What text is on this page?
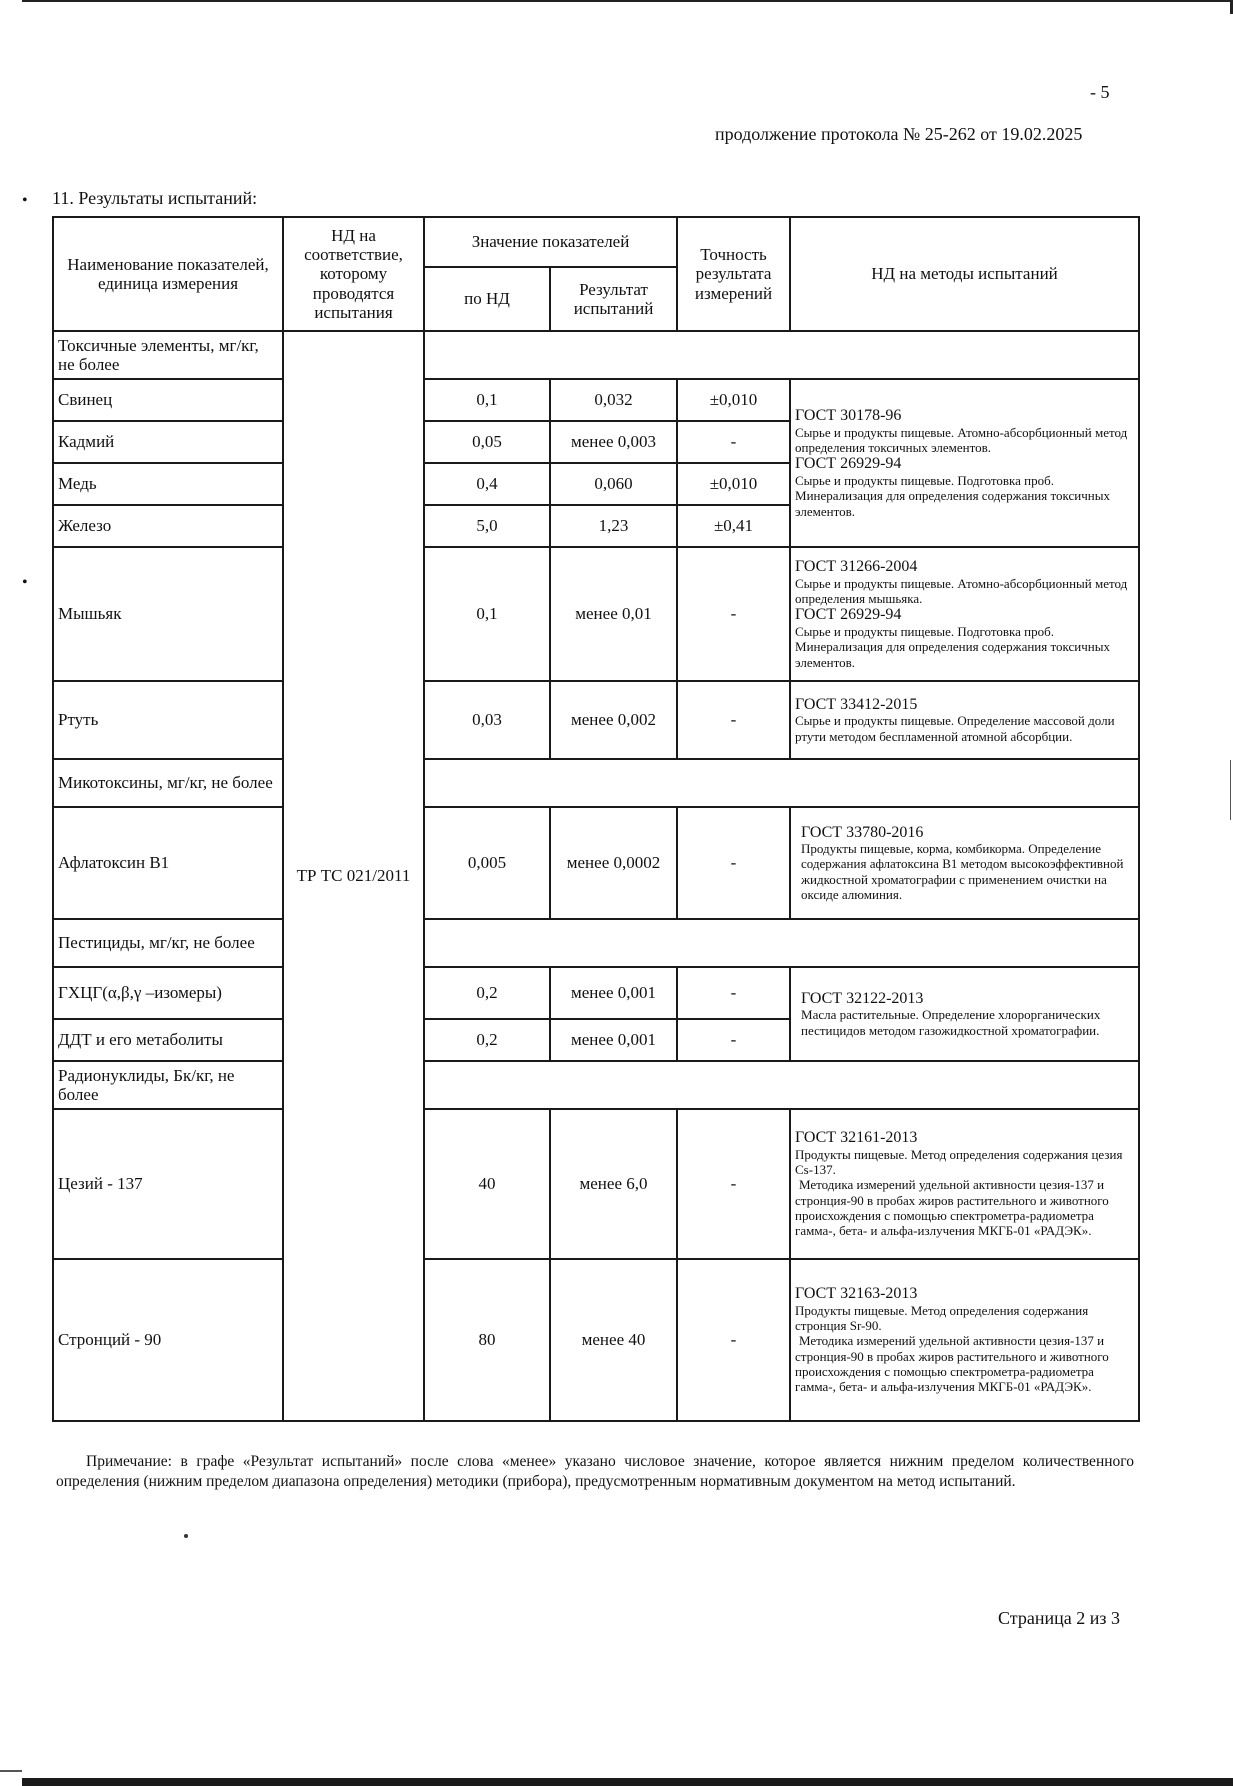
- 5
продолжение протокола № 25-262 от 19.02.2025
•
•
11. Результаты испытаний:
Наименование показателей, единица измерения	НД на соответствие, которому проводятся испытания	Значение показателей		Точность результата измерений	НД на методы испытаний
		по НД	Результат испытаний		
Токсичные элементы, мг/кг, не более	ТР ТС 021/2011				
Свинец		0,1	0,032	±0,010	ГОСТ 30178-96
Сырье и продукты пищевые. Атомно-абсорбционный метод определения токсичных элементов.
ГОСТ 26929-94
Сырье и продукты пищевые. Подготовка проб. Минерализация для определения содержания токсичных элементов.

Кадмий		0,05	менее 0,003	-	
Медь		0,4	0,060	±0,010	
Железо		5,0	1,23	±0,41	
Мышьяк		0,1	менее 0,01	-	ГОСТ 31266-2004
Сырье и продукты пищевые. Атомно-абсорбционный метод определения мышьяка.
ГОСТ 26929-94
Сырье и продукты пищевые. Подготовка проб. Минерализация для определения содержания токсичных элементов.

Ртуть		0,03	менее 0,002	-	ГОСТ 33412-2015
Сырье и продукты пищевые. Определение массовой доли ртути методом беспламенной атомной абсорбции.

Микотоксины, мг/кг, не более					
Афлатоксин В1		0,005	менее 0,0002	-	ГОСТ 33780-2016
Продукты пищевые, корма, комбикорма. Определение содержания афлатоксина В1 методом высокоэффективной жидкостной хроматографии с применением очистки на оксиде алюминия.

Пестициды, мг/кг, не более					
ГХЦГ(α,β,γ –изомеры)		0,2	менее 0,001	-	ГОСТ 32122-2013
Масла растительные. Определение хлорорганических пестицидов методом газожидкостной хроматографии.

ДДТ и его метаболиты		0,2	менее 0,001	-	
Радионуклиды, Бк/кг, не более					
Цезий - 137		40	менее 6,0	-	ГОСТ 32161-2013
Продукты пищевые. Метод определения содержания цезия Cs-137.
Методика измерений удельной активности цезия-137 и стронция-90 в пробах жиров растительного и животного происхождения с помощью спектрометра-радиометра гамма-, бета- и альфа-излучения МКГБ-01 «РАДЭК».

Стронций - 90		80	менее 40	-	ГОСТ 32163-2013
Продукты пищевые. Метод определения содержания стронция Sr-90.
Методика измерений удельной активности цезия-137 и стронция-90 в пробах жиров растительного и животного происхождения с помощью спектрометра-радиометра гамма-, бета- и альфа-излучения МКГБ-01 «РАДЭК».
Примечание: в графе «Результат испытаний» после слова «менее» указано числовое значение, которое является нижним пределом количественного определения (нижним пределом диапазона определения) методики (прибора), предусмотренным нормативным документом на метод испытаний.
Страница 2 из 3
